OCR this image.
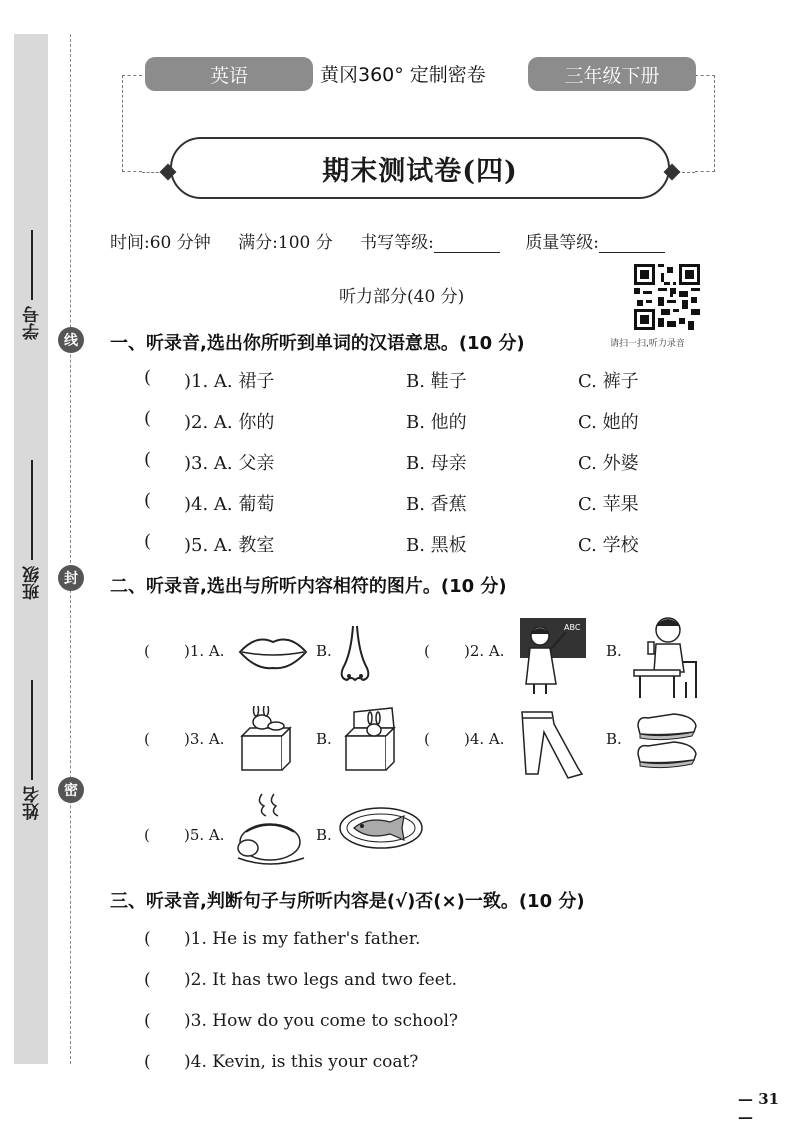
学号
班级
姓名
线
封
密
英语	黄冈360° 定制密卷	三年级下册
期末测试卷(四)
时间:60 分钟 满分:100 分 书写等级:	质量等级:
请扫一扫,听力录音
听力部分(40 分)
一、听录音,选出你所听到单词的汉语意思。(10 分)
( )1. A. 裙子	B. 鞋子	C. 裤子
( )2. A. 你的	B. 他的	C. 她的
( )3. A. 父亲	B. 母亲	C. 外婆
( )4. A. 葡萄	B. 香蕉	C. 苹果
( )5. A. 教室	B. 黑板	C. 学校
二、听录音,选出与所听内容相符的图片。(10 分)
( )1. A.	B.	( )2. A.	B.
ABC
( )3. A.	B.	( )4. A.	B.
( )5. A.	B.
三、听录音,判断句子与所听内容是(√)否(×)一致。(10 分)
( )1. He is my father's father.
( )2. It has two legs and two feet.
( )3. How do you come to school?
( )4. Kevin, is this your coat?
— 31 —
